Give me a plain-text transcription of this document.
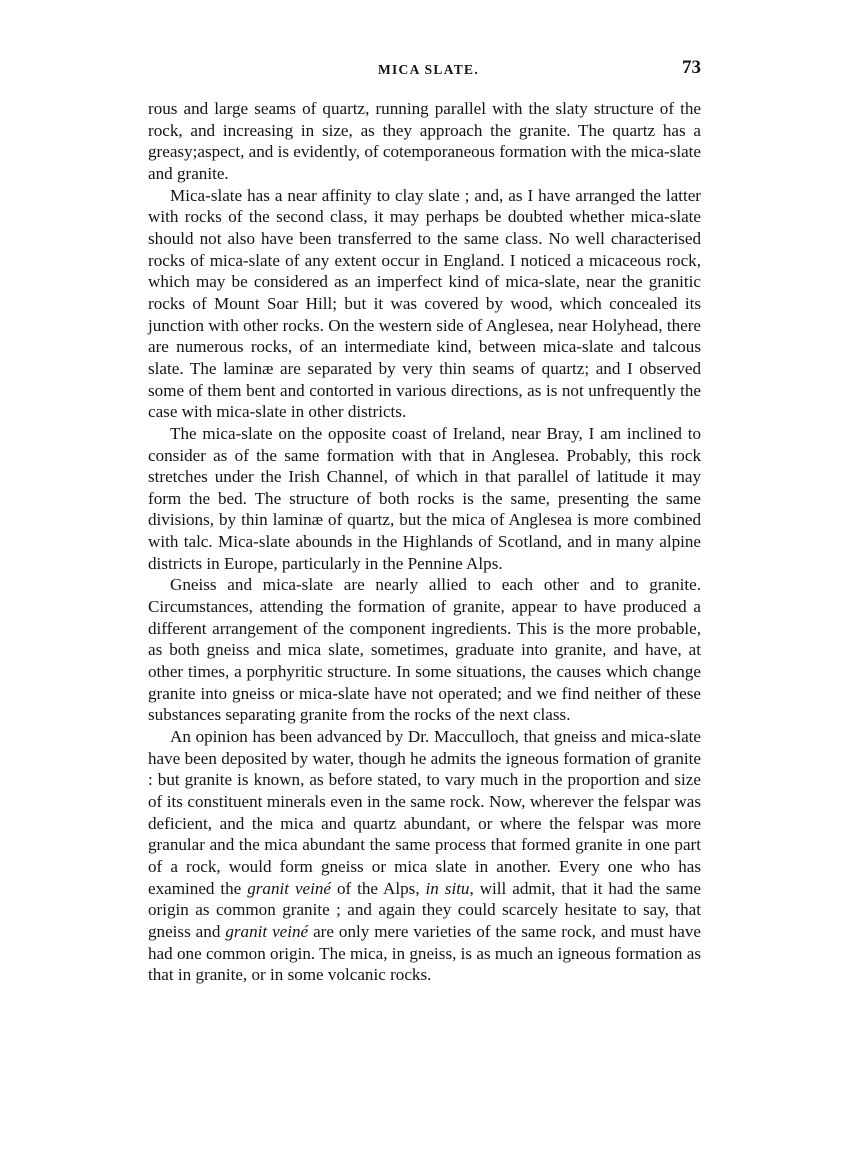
MICA SLATE.	73

rous and large seams of quartz, running parallel with the slaty structure of the rock, and increasing in size, as they approach the granite. The quartz has a greasy;aspect, and is evidently, of cotemporaneous formation with the mica-slate and granite.

Mica-slate has a near affinity to clay slate ; and, as I have arranged the latter with rocks of the second class, it may perhaps be doubted whether mica-slate should not also have been transferred to the same class. No well characterised rocks of mica-slate of any extent occur in England. I noticed a micaceous rock, which may be considered as an imperfect kind of mica-slate, near the granitic rocks of Mount Soar Hill; but it was covered by wood, which concealed its junction with other rocks. On the western side of Anglesea, near Holyhead, there are numerous rocks, of an intermediate kind, between mica-slate and talcous slate. The laminæ are separated by very thin seams of quartz; and I observed some of them bent and contorted in various directions, as is not unfrequently the case with mica-slate in other districts.

The mica-slate on the opposite coast of Ireland, near Bray, I am inclined to consider as of the same formation with that in Anglesea. Probably, this rock stretches under the Irish Channel, of which in that parallel of latitude it may form the bed. The structure of both rocks is the same, presenting the same divisions, by thin laminæ of quartz, but the mica of Anglesea is more combined with talc. Mica-slate abounds in the Highlands of Scotland, and in many alpine districts in Europe, particularly in the Pennine Alps.

Gneiss and mica-slate are nearly allied to each other and to granite. Circumstances, attending the formation of granite, appear to have produced a different arrangement of the component ingredients. This is the more probable, as both gneiss and mica slate, sometimes, graduate into granite, and have, at other times, a porphyritic structure. In some situations, the causes which change granite into gneiss or mica-slate have not operated; and we find neither of these substances separating granite from the rocks of the next class.

An opinion has been advanced by Dr. Macculloch, that gneiss and mica-slate have been deposited by water, though he admits the igneous formation of granite : but granite is known, as before stated, to vary much in the proportion and size of its constituent minerals even in the same rock. Now, wherever the felspar was deficient, and the mica and quartz abundant, or where the felspar was more granular and the mica abundant the same process that formed granite in one part of a rock, would form gneiss or mica slate in another. Every one who has examined the granit veiné of the Alps, in situ, will admit, that it had the same origin as common granite ; and again they could scarcely hesitate to say, that gneiss and granit veiné are only mere varieties of the same rock, and must have had one common origin. The mica, in gneiss, is as much an igneous formation as that in granite, or in some volcanic rocks.
